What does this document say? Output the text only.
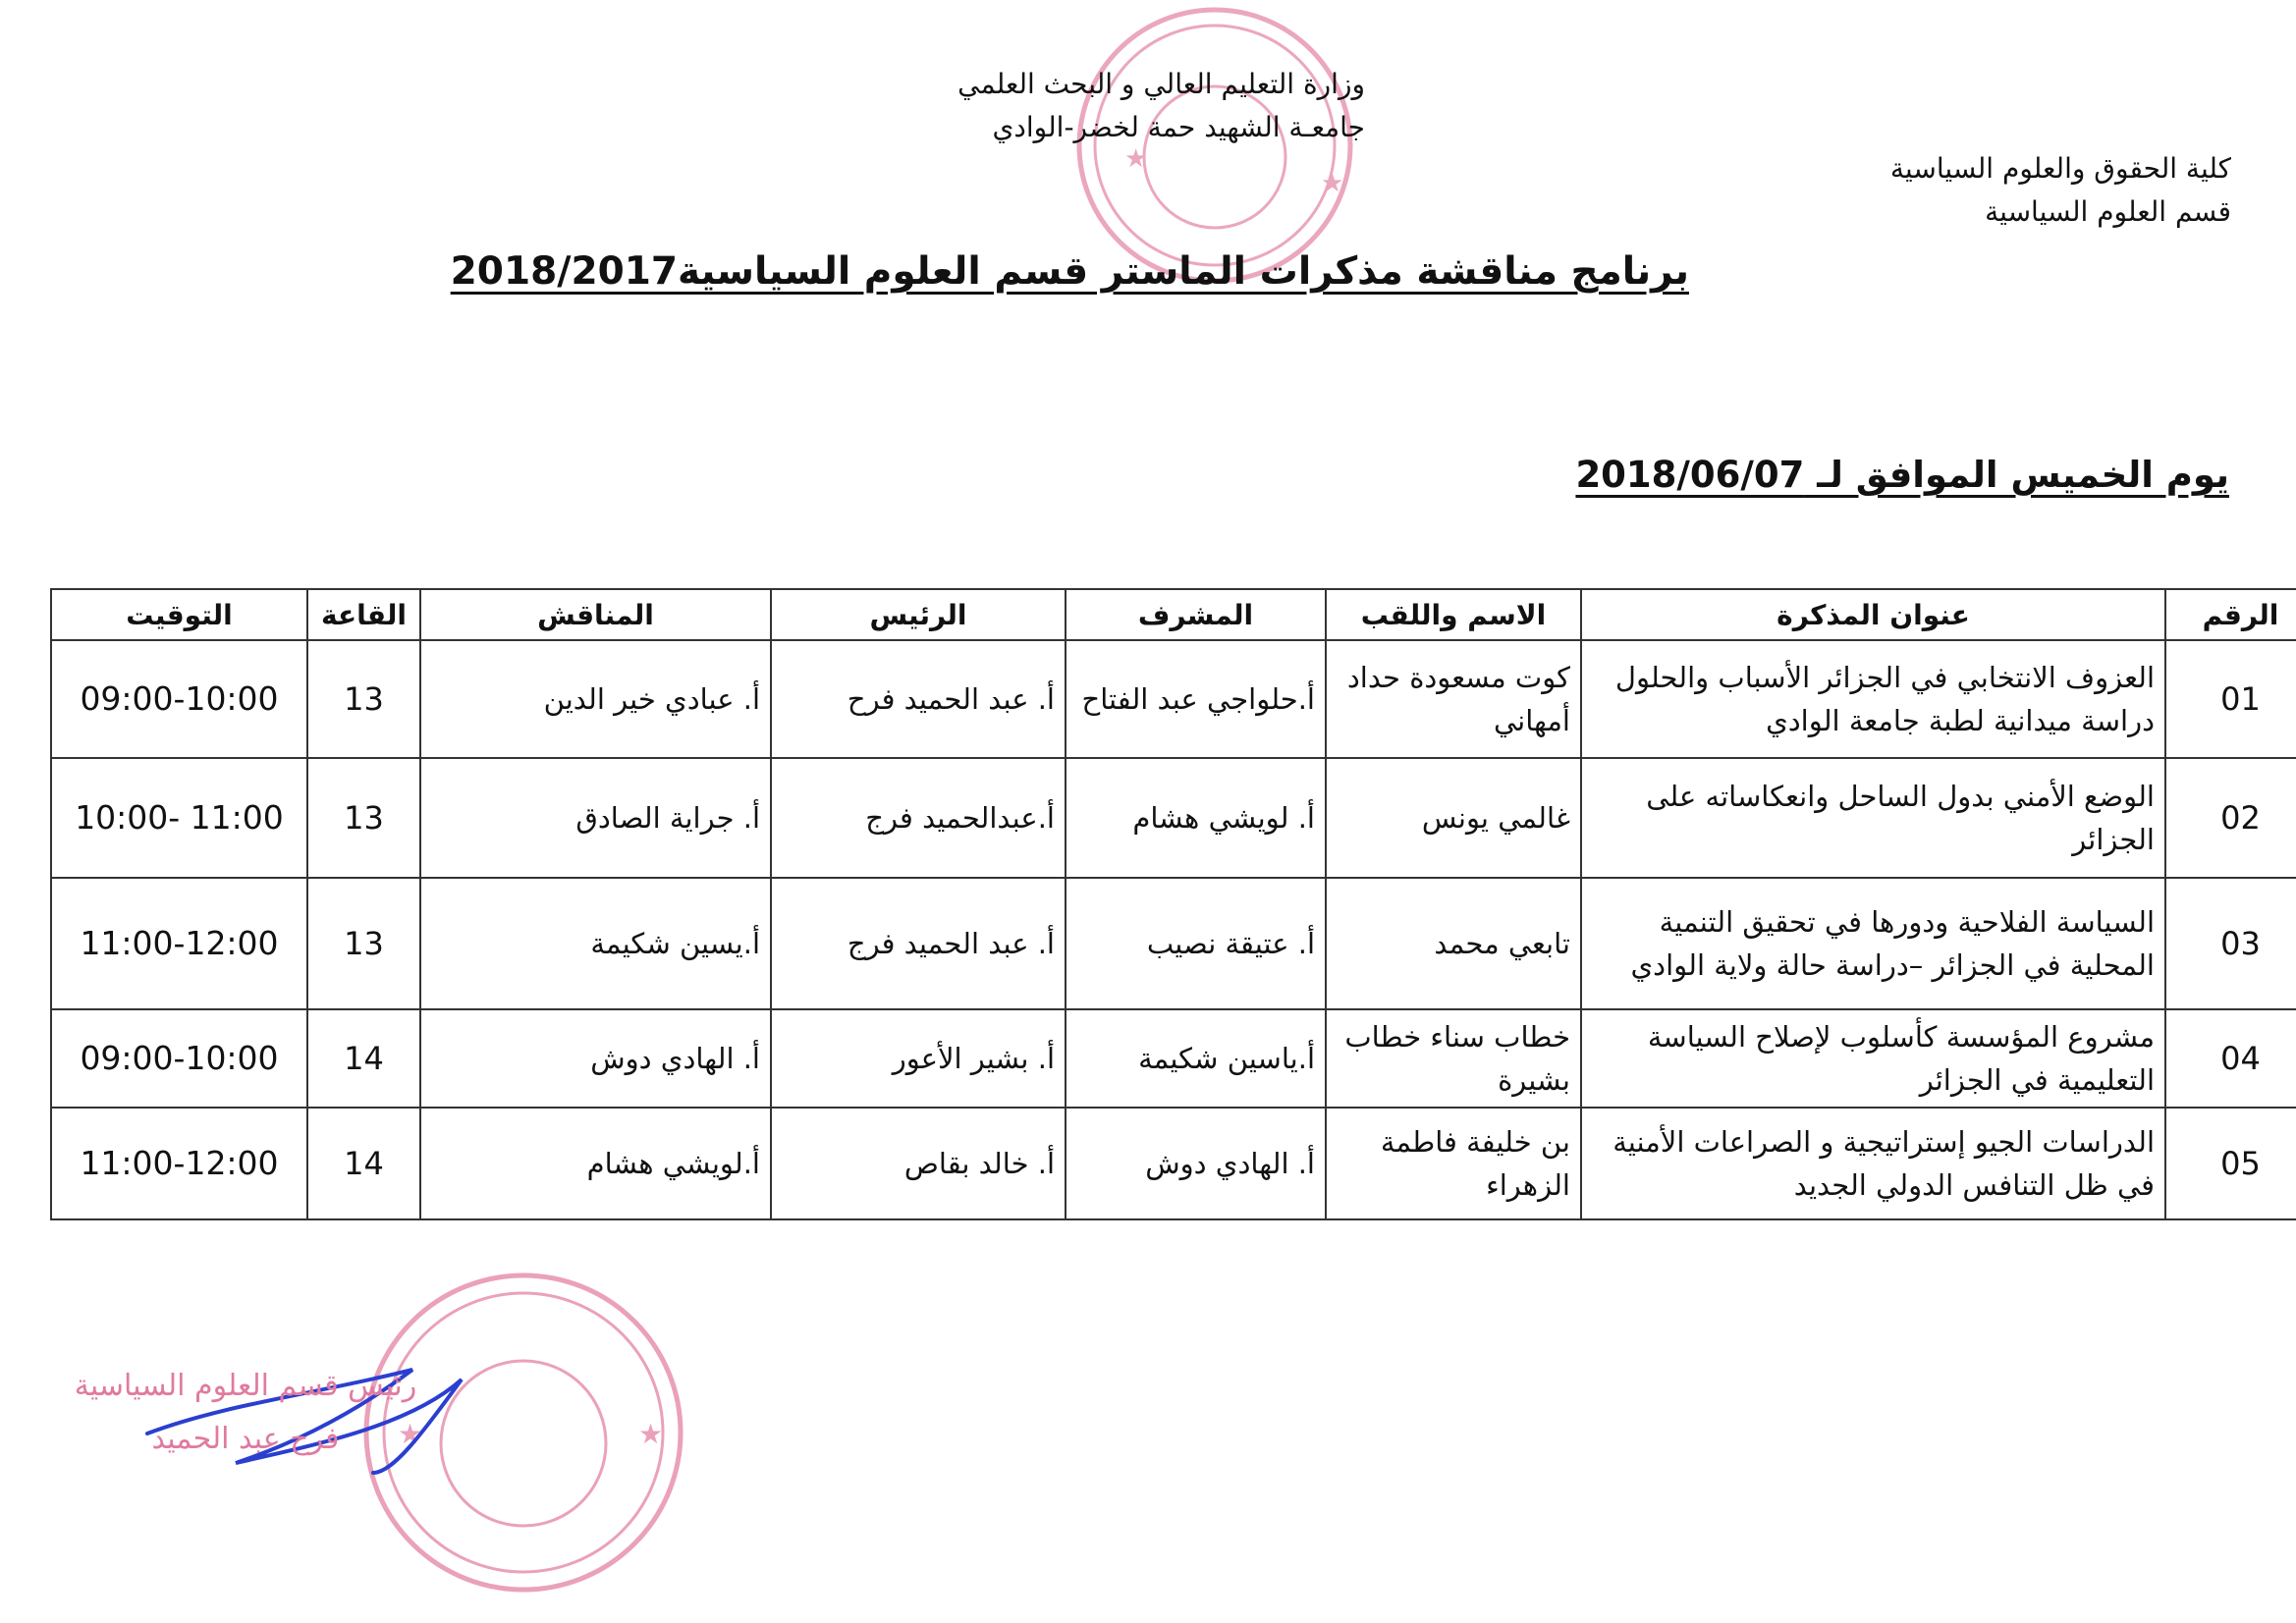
★
★
★	★
وزارة التعليم العالي و البحث العلمي
جامعـة الشهيد حمة لخضر-الوادي
كلية الحقوق والعلوم السياسية
قسم العلوم السياسية
برنامج مناقشة مذكرات الماستر قسم العلوم السياسية2018/2017
يوم الخميس الموافق لـ 2018/06/07
الرقم	عنوان المذكرة	الاسم واللقب	المشرف	الرئيس	المناقش	القاعة	التوقيت
01	العزوف الانتخابي في الجزائر الأسباب والحلول دراسة ميدانية لطبة جامعة الوادي	كوت مسعودة حداد أمهاني	أ.حلواجي عبد الفتاح	أ. عبد الحميد فرح	أ. عبادي خير الدين	13	09:00-10:00
02	الوضع الأمني بدول الساحل وانعكاساته على الجزائر	غالمي يونس	أ. لويشي هشام	أ.عبدالحميد فرج	أ. جراية الصادق	13	10:00- 11:00
03	السياسة الفلاحية ودورها في تحقيق التنمية المحلية في الجزائر –دراسة حالة ولاية الوادي	تابعي محمد	أ. عتيقة نصيب	أ. عبد الحميد فرج	أ.يسين شكيمة	13	11:00-12:00
04	مشروع المؤسسة كأسلوب لإصلاح السياسة التعليمية في الجزائر	خطاب سناء خطاب بشيرة	أ.ياسين شكيمة	أ. بشير الأعور	أ. الهادي دوش	14	09:00-10:00
05	الدراسات الجيو إستراتيجية و الصراعات الأمنية في ظل التنافس الدولي الجديد	بن خليفة فاطمة الزهراء	أ. الهادي دوش	أ. خالد بقاص	أ.لويشي هشام	14	11:00-12:00
رئيس قسم العلوم السياسية
فرح عبد الحميد
